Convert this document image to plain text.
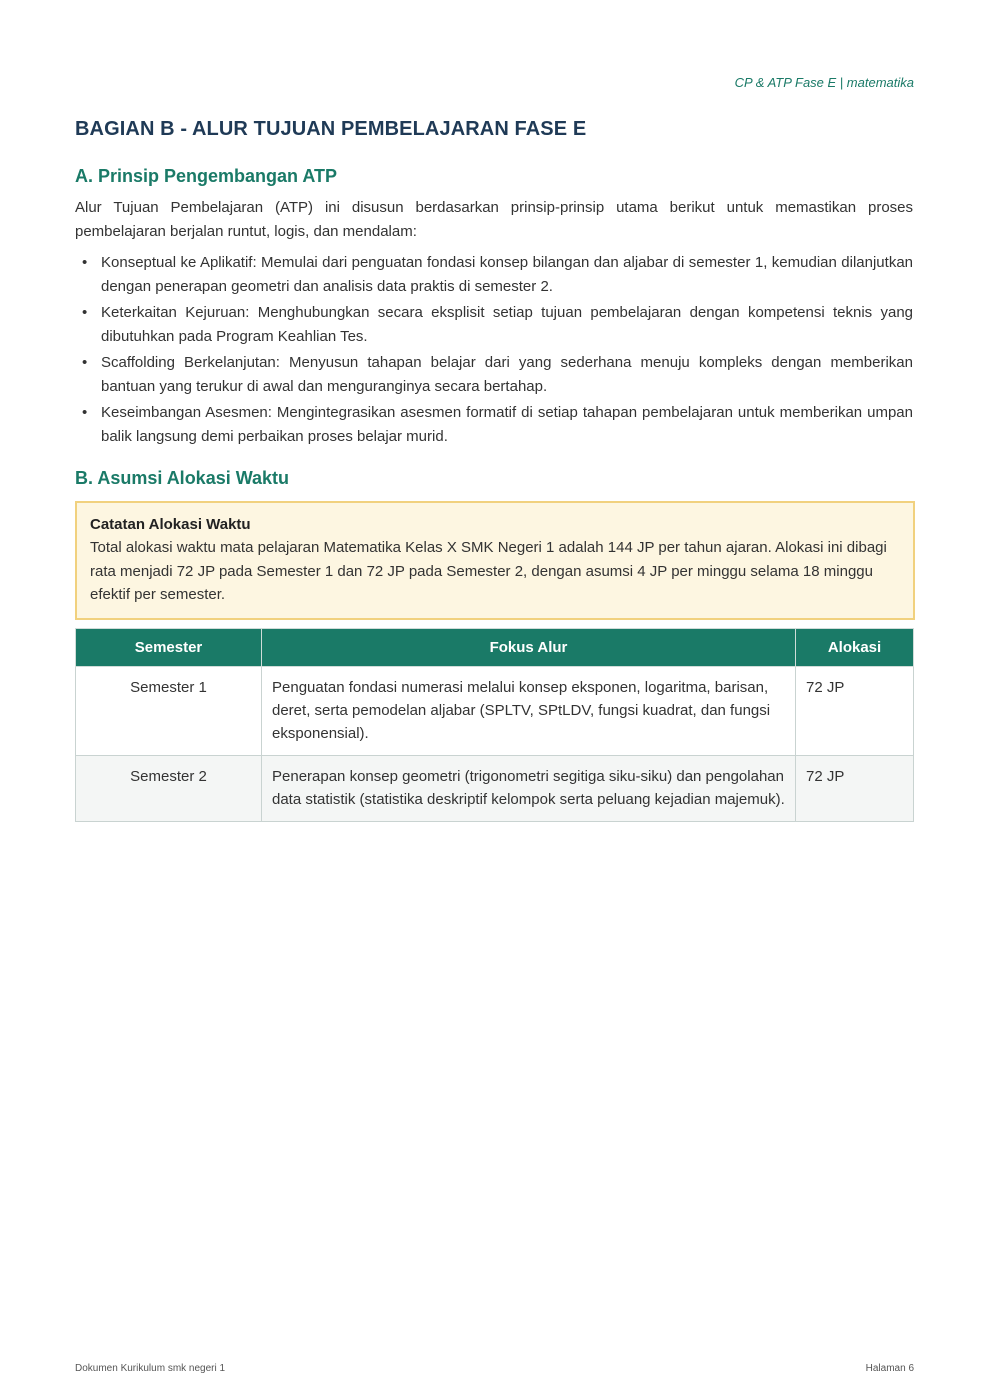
CP & ATP Fase E | matematika
BAGIAN B - ALUR TUJUAN PEMBELAJARAN FASE E
A. Prinsip Pengembangan ATP

Alur Tujuan Pembelajaran (ATP) ini disusun berdasarkan prinsip-prinsip utama berikut untuk memastikan proses pembelajaran berjalan runtut, logis, dan mendalam:

• Konseptual ke Aplikatif: Memulai dari penguatan fondasi konsep bilangan dan aljabar di semester 1, kemudian dilanjutkan dengan penerapan geometri dan analisis data praktis di semester 2.
• Keterkaitan Kejuruan: Menghubungkan secara eksplisit setiap tujuan pembelajaran dengan kompetensi teknis yang dibutuhkan pada Program Keahlian Tes.
• Scaffolding Berkelanjutan: Menyusun tahapan belajar dari yang sederhana menuju kompleks dengan memberikan bantuan yang terukur di awal dan menguranginya secara bertahap.
• Keseimbangan Asesmen: Mengintegrasikan asesmen formatif di setiap tahapan pembelajaran untuk memberikan umpan balik langsung demi perbaikan proses belajar murid.
B. Asumsi Alokasi Waktu
Catatan Alokasi Waktu
Total alokasi waktu mata pelajaran Matematika Kelas X SMK Negeri 1 adalah 144 JP per tahun ajaran. Alokasi ini dibagi rata menjadi 72 JP pada Semester 1 dan 72 JP pada Semester 2, dengan asumsi 4 JP per minggu selama 18 minggu efektif per semester.
Semester	Fokus Alur	Alokasi
Semester 1	Penguatan fondasi numerasi melalui konsep eksponen, logaritma, barisan, deret, serta pemodelan aljabar (SPLTV, SPtLDV, fungsi kuadrat, dan fungsi eksponensial).	72 JP
Semester 2	Penerapan konsep geometri (trigonometri segitiga siku-siku) dan pengolahan data statistik (statistika deskriptif kelompok serta peluang kejadian majemuk).	72 JP
Dokumen Kurikulum smk negeri 1	Halaman 6
